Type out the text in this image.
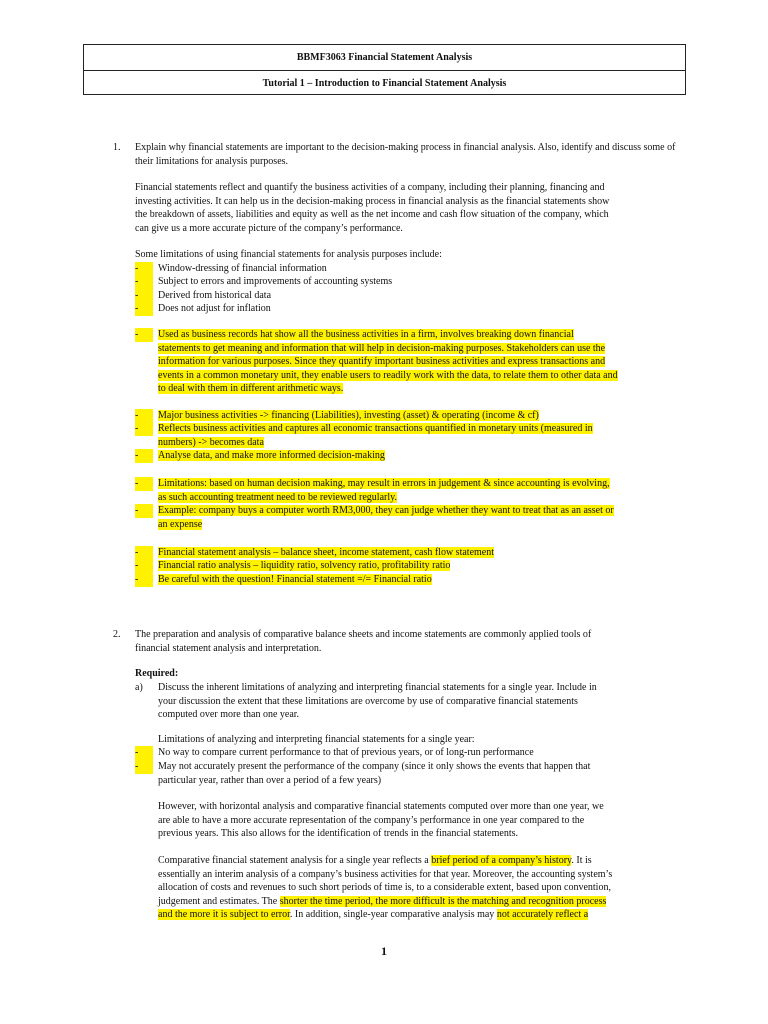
BBMF3063 Financial Statement Analysis
Tutorial 1 – Introduction to Financial Statement Analysis
1. Explain why financial statements are important to the decision-making process in financial analysis. Also, identify and discuss some of their limitations for analysis purposes.
Financial statements reflect and quantify the business activities of a company, including their planning, financing and
investing activities. It can help us in the decision-making process in financial analysis as the financial statements show
the breakdown of assets, liabilities and equity as well as the net income and cash flow situation of the company, which
can give us a more accurate picture of the company’s performance.
Some limitations of using financial statements for analysis purposes include:
-	Window-dressing of financial information
-	Subject to errors and improvements of accounting systems
-	Derived from historical data
-	Does not adjust for inflation
-	Used as business records hat show all the business activities in a firm, involves breaking down financial
statements to get meaning and information that will help in decision-making purposes. Stakeholders can use the
information for various purposes. Since they quantify important business activities and express transactions and
events in a common monetary unit, they enable users to readily work with the data, to relate them to other data and
to deal with them in different arithmetic ways.
-	Major business activities -> financing (Liabilities), investing (asset) & operating (income & cf)
-	Reflects business activities and captures all economic transactions quantified in monetary units (measured in
numbers) -> becomes data
-	Analyse data, and make more informed decision-making
-	Limitations: based on human decision making, may result in errors in judgement & since accounting is evolving,
as such accounting treatment need to be reviewed regularly.
-	Example: company buys a computer worth RM3,000, they can judge whether they want to treat that as an asset or
an expense
-	Financial statement analysis – balance sheet, income statement, cash flow statement
-	Financial ratio analysis – liquidity ratio, solvency ratio, profitability ratio
-	Be careful with the question! Financial statement =/= Financial ratio
2. The preparation and analysis of comparative balance sheets and income statements are commonly applied tools of
financial statement analysis and interpretation.
Required:
a) Discuss the inherent limitations of analyzing and interpreting financial statements for a single year. Include in
your discussion the extent that these limitations are overcome by use of comparative financial statements
computed over more than one year.
Limitations of analyzing and interpreting financial statements for a single year:
-	No way to compare current performance to that of previous years, or of long-run performance
-	May not accurately present the performance of the company (since it only shows the events that happen that
particular year, rather than over a period of a few years)
However, with horizontal analysis and comparative financial statements computed over more than one year, we
are able to have a more accurate representation of the company’s performance in one year compared to the
previous years. This also allows for the identification of trends in the financial statements.
Comparative financial statement analysis for a single year reflects a brief period of a company’s history. It is
essentially an interim analysis of a company’s business activities for that year. Moreover, the accounting system’s
allocation of costs and revenues to such short periods of time is, to a considerable extent, based upon convention,
judgement and estimates. The shorter the time period, the more difficult is the matching and recognition process
and the more it is subject to error. In addition, single-year comparative analysis may not accurately reflect a
1
